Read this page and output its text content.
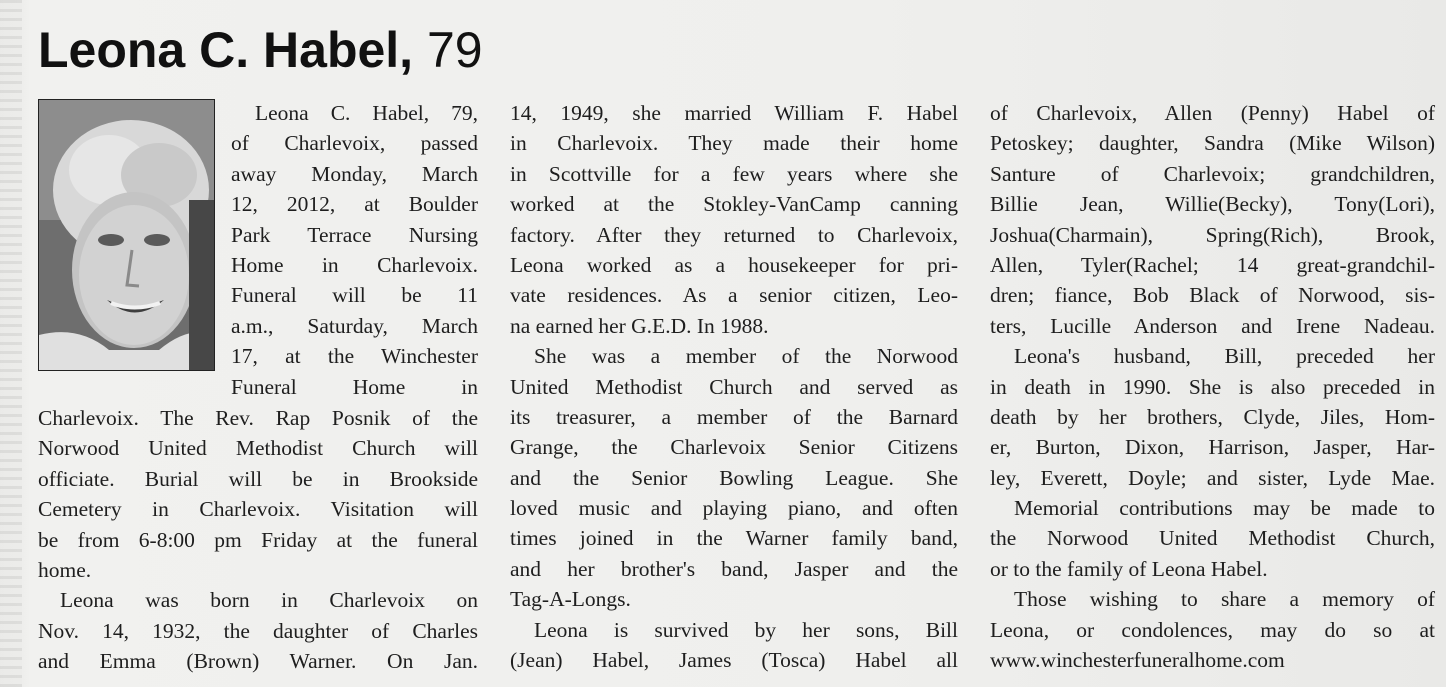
Leona C. Habel, 79
Leona C. Habel, 79,
of Charlevoix, passed
away Monday, March
12, 2012, at Boulder
Park Terrace Nursing
Home in Charlevoix.
Funeral will be 11
a.m., Saturday, March
17, at the Winchester
Funeral Home in
Charlevoix. The Rev. Rap Posnik of the
Norwood United Methodist Church will
officiate. Burial will be in Brookside
Cemetery in Charlevoix. Visitation will
be from 6-8:00 pm Friday at the funeral
home.
Leona was born in Charlevoix on
Nov. 14, 1932, the daughter of Charles
and Emma (Brown) Warner. On Jan.
14, 1949, she married William F. Habel
in Charlevoix. They made their home
in Scottville for a few years where she
worked at the Stokley-VanCamp canning
factory. After they returned to Charlevoix,
Leona worked as a housekeeper for pri-
vate residences. As a senior citizen, Leo-
na earned her G.E.D. In 1988.
She was a member of the Norwood
United Methodist Church and served as
its treasurer, a member of the Barnard
Grange, the Charlevoix Senior Citizens
and the Senior Bowling League. She
loved music and playing piano, and often
times joined in the Warner family band,
and her brother's band, Jasper and the
Tag-A-Longs.
Leona is survived by her sons, Bill
(Jean) Habel, James (Tosca) Habel all
of Charlevoix, Allen (Penny) Habel of
Petoskey; daughter, Sandra (Mike Wilson)
Santure of Charlevoix; grandchildren,
Billie Jean, Willie(Becky), Tony(Lori),
Joshua(Charmain), Spring(Rich), Brook,
Allen, Tyler(Rachel; 14 great-grandchil-
dren; fiance, Bob Black of Norwood, sis-
ters, Lucille Anderson and Irene Nadeau.
Leona's husband, Bill, preceded her
in death in 1990. She is also preceded in
death by her brothers, Clyde, Jiles, Hom-
er, Burton, Dixon, Harrison, Jasper, Har-
ley, Everett, Doyle; and sister, Lyde Mae.
Memorial contributions may be made to
the Norwood United Methodist Church,
or to the family of Leona Habel.
Those wishing to share a memory of
Leona, or condolences, may do so at
www.winchesterfuneralhome.com
